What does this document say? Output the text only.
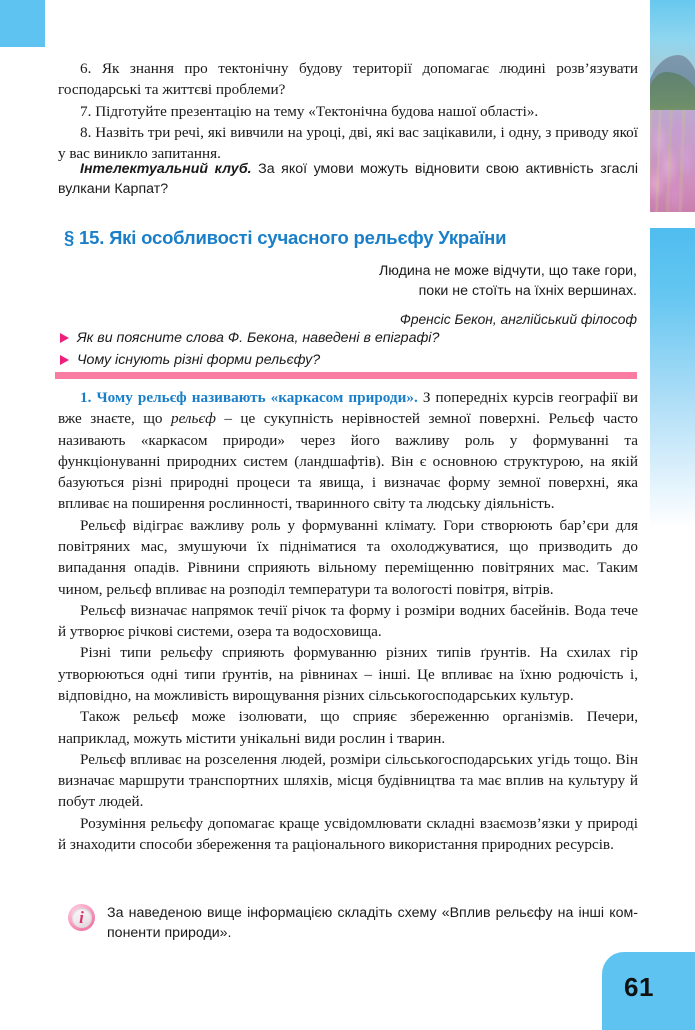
61

6. Як знання про тектонічну будову території допомагає людині розв’язувати господарські та життєві проблеми?

7. Підготуйте презентацію на тему «Тектонічна будова нашої області».

8. Назвіть три речі, які вивчили на уроці, дві, які вас зацікавили, і одну, з приводу якої у вас виникло запитання.

Інтелектуальний клуб. За якої умови можуть відновити свою активність згаслі вулкани Карпат?
§ 15. Які особливості сучасного рельєфу України
Людина не може відчути, що таке гори,
поки не стоїть на їхніх вершинах.
Френсіс Бекон, англійський філософ
Як ви поясните слова Ф. Бекона, наведені в епіграфі?
Чому існують різні форми рельєфу?

1. Чому рельєф називають «каркасом природи». З попередніх курсів географії ви вже знаєте, що рельєф – це сукупність нерівностей земної поверхні. Рельєф часто називають «каркасом природи» через його важливу роль у формуванні та функціонуванні природних систем (ландшафтів). Він є основною структурою, на якій базуються різні природні процеси та явища, і визначає форму земної поверхні, яка впливає на поширення рослинності, тваринного світу та людську діяльність.

Рельєф відіграє важливу роль у формуванні клімату. Гори створюють бар’єри для повітряних мас, змушуючи їх підніматися та охолоджуватися, що призводить до випадання опадів. Рівнини сприяють вільному переміщенню повітряних мас. Таким чином, рельєф впливає на розподіл температури та вологості повітря, вітрів.

Рельєф визначає напрямок течії річок та форму і розміри водних басейнів. Вода тече й утворює річкові системи, озера та водосховища.

Різні типи рельєфу сприяють формуванню різних типів ґрунтів. На схилах гір утворюються одні типи ґрунтів, на рівнинах – інші. Це впливає на їхню родючість і, відповідно, на можливість вирощування різних сільськогосподарських культур.

Також рельєф може ізолювати, що сприяє збереженню організмів. Печери, наприклад, можуть містити унікальні види рослин і тварин.

Рельєф впливає на розселення людей, розміри сільськогосподарських угідь тощо. Він визначає маршрути транспортних шляхів, місця будівництва та має вплив на культуру й побут людей.

Розуміння рельєфу допомагає краще усвідомлювати складні взаємозв’язки у природі й знаходити способи збереження та раціонального використання природних ресурсів.

i	За наведеною вище інформацією складіть схему «Вплив рельєфу на інші компоненти природи».
